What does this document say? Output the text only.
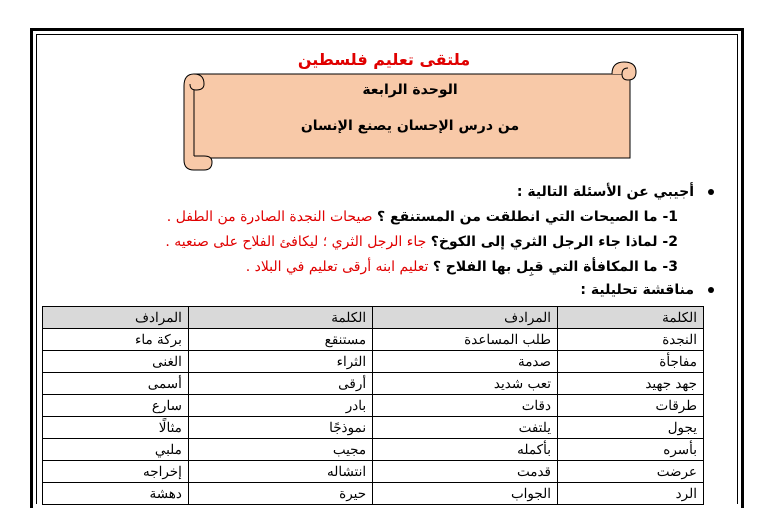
ملتقى تعليم فلسطين
الوحدة الرابعة
من درس الإحسان يصنع الإنسان
أجيبي عن الأسئلة التالية :
1- ما الصيحات التي انطلقت من المستنقع ؟ صيحات النجدة الصادرة من الطفل .
2- لماذا جاء الرجل الثري إلى الكوخ؟ جاء الرجل الثري ؛ ليكافئ الفلاح على صنعيه .
3- ما المكافأة التي قبِل بها الفلاح ؟ تعليم ابنه أرقى تعليم في البلاد .
مناقشة تحليلية :
الكلمة	المرادف	الكلمة	المرادف
النجدة	طلب المساعدة	مستنقع	بركة ماء
مفاجأة	صدمة	الثراء	الغنى
جهد جهيد	تعب شديد	أرقى	أسمى
طرقات	دقات	بادر	سارع
يجول	يلتفت	نموذجًا	مثالًا
بأسره	بأكمله	مجيب	ملبي
عرضت	قدمت	انتشاله	إخراجه
الرد	الجواب	حيرة	دهشة
